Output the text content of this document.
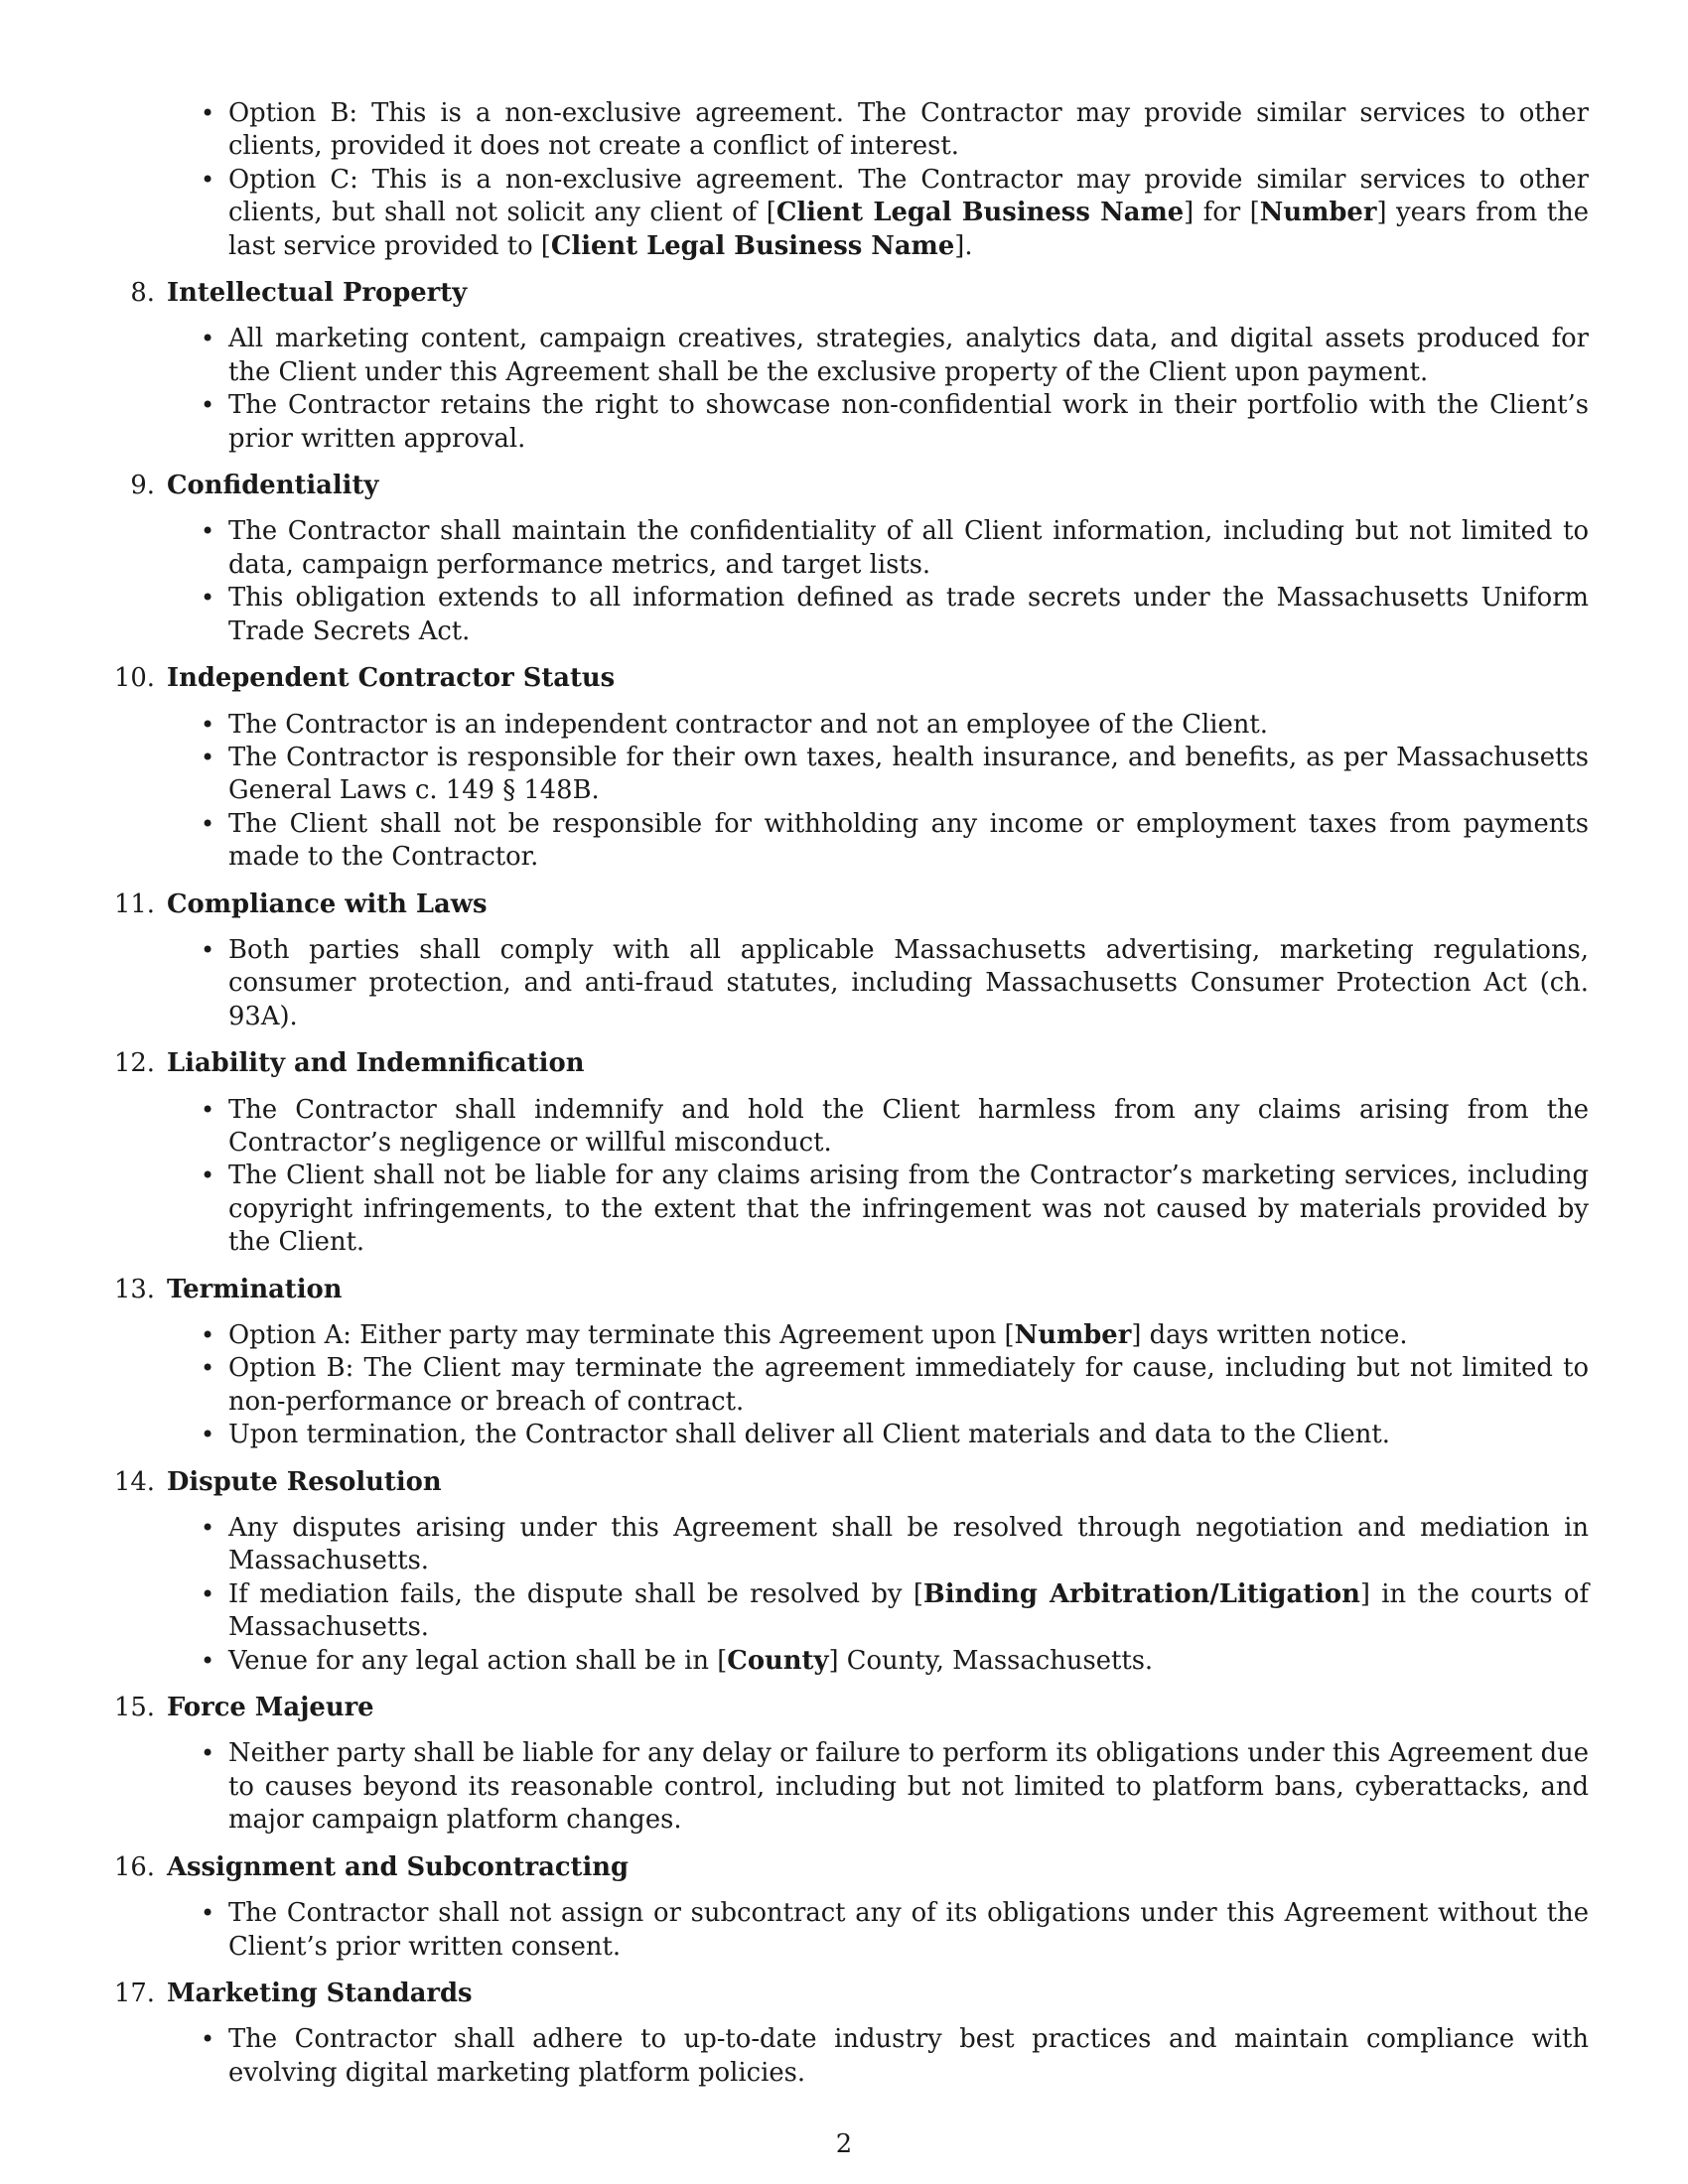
• Option B: This is a non-exclusive agreement. The Contractor may provide similar services to other clients, provided it does not create a conflict of interest.
• Option C: This is a non-exclusive agreement. The Contractor may provide similar services to other clients, but shall not solicit any client of [Client Legal Business Name] for [Number] years from the last service provided to [Client Legal Business Name].
8. Intellectual Property
• All marketing content, campaign creatives, strategies, analytics data, and digital assets produced for the Client under this Agreement shall be the exclusive property of the Client upon payment.
• The Contractor retains the right to showcase non-confidential work in their portfolio with the Client’s prior written approval.
9. Confidentiality
• The Contractor shall maintain the confidentiality of all Client information, including but not limited to data, campaign performance metrics, and target lists.
• This obligation extends to all information defined as trade secrets under the Massachusetts Uniform Trade Secrets Act.
10. Independent Contractor Status
• The Contractor is an independent contractor and not an employee of the Client.
• The Contractor is responsible for their own taxes, health insurance, and benefits, as per Massachusetts General Laws c. 149 § 148B.
• The Client shall not be responsible for withholding any income or employment taxes from payments made to the Contractor.
11. Compliance with Laws
• Both parties shall comply with all applicable Massachusetts advertising, marketing regulations, consumer protection, and anti-fraud statutes, including Massachusetts Consumer Protection Act (ch. 93A).
12. Liability and Indemnification
• The Contractor shall indemnify and hold the Client harmless from any claims arising from the Contractor’s negligence or willful misconduct.
• The Client shall not be liable for any claims arising from the Contractor’s marketing services, including copyright infringements, to the extent that the infringement was not caused by materials provided by the Client.
13. Termination
• Option A: Either party may terminate this Agreement upon [Number] days written notice.
• Option B: The Client may terminate the agreement immediately for cause, including but not limited to non-performance or breach of contract.
• Upon termination, the Contractor shall deliver all Client materials and data to the Client.
14. Dispute Resolution
• Any disputes arising under this Agreement shall be resolved through negotiation and mediation in Massachusetts.
• If mediation fails, the dispute shall be resolved by [Binding Arbitration/Litigation] in the courts of Massachusetts.
• Venue for any legal action shall be in [County] County, Massachusetts.
15. Force Majeure
• Neither party shall be liable for any delay or failure to perform its obligations under this Agreement due to causes beyond its reasonable control, including but not limited to platform bans, cyberattacks, and major campaign platform changes.
16. Assignment and Subcontracting
• The Contractor shall not assign or subcontract any of its obligations under this Agreement without the Client’s prior written consent.
17. Marketing Standards
• The Contractor shall adhere to up-to-date industry best practices and maintain compliance with evolving digital marketing platform policies.
2
